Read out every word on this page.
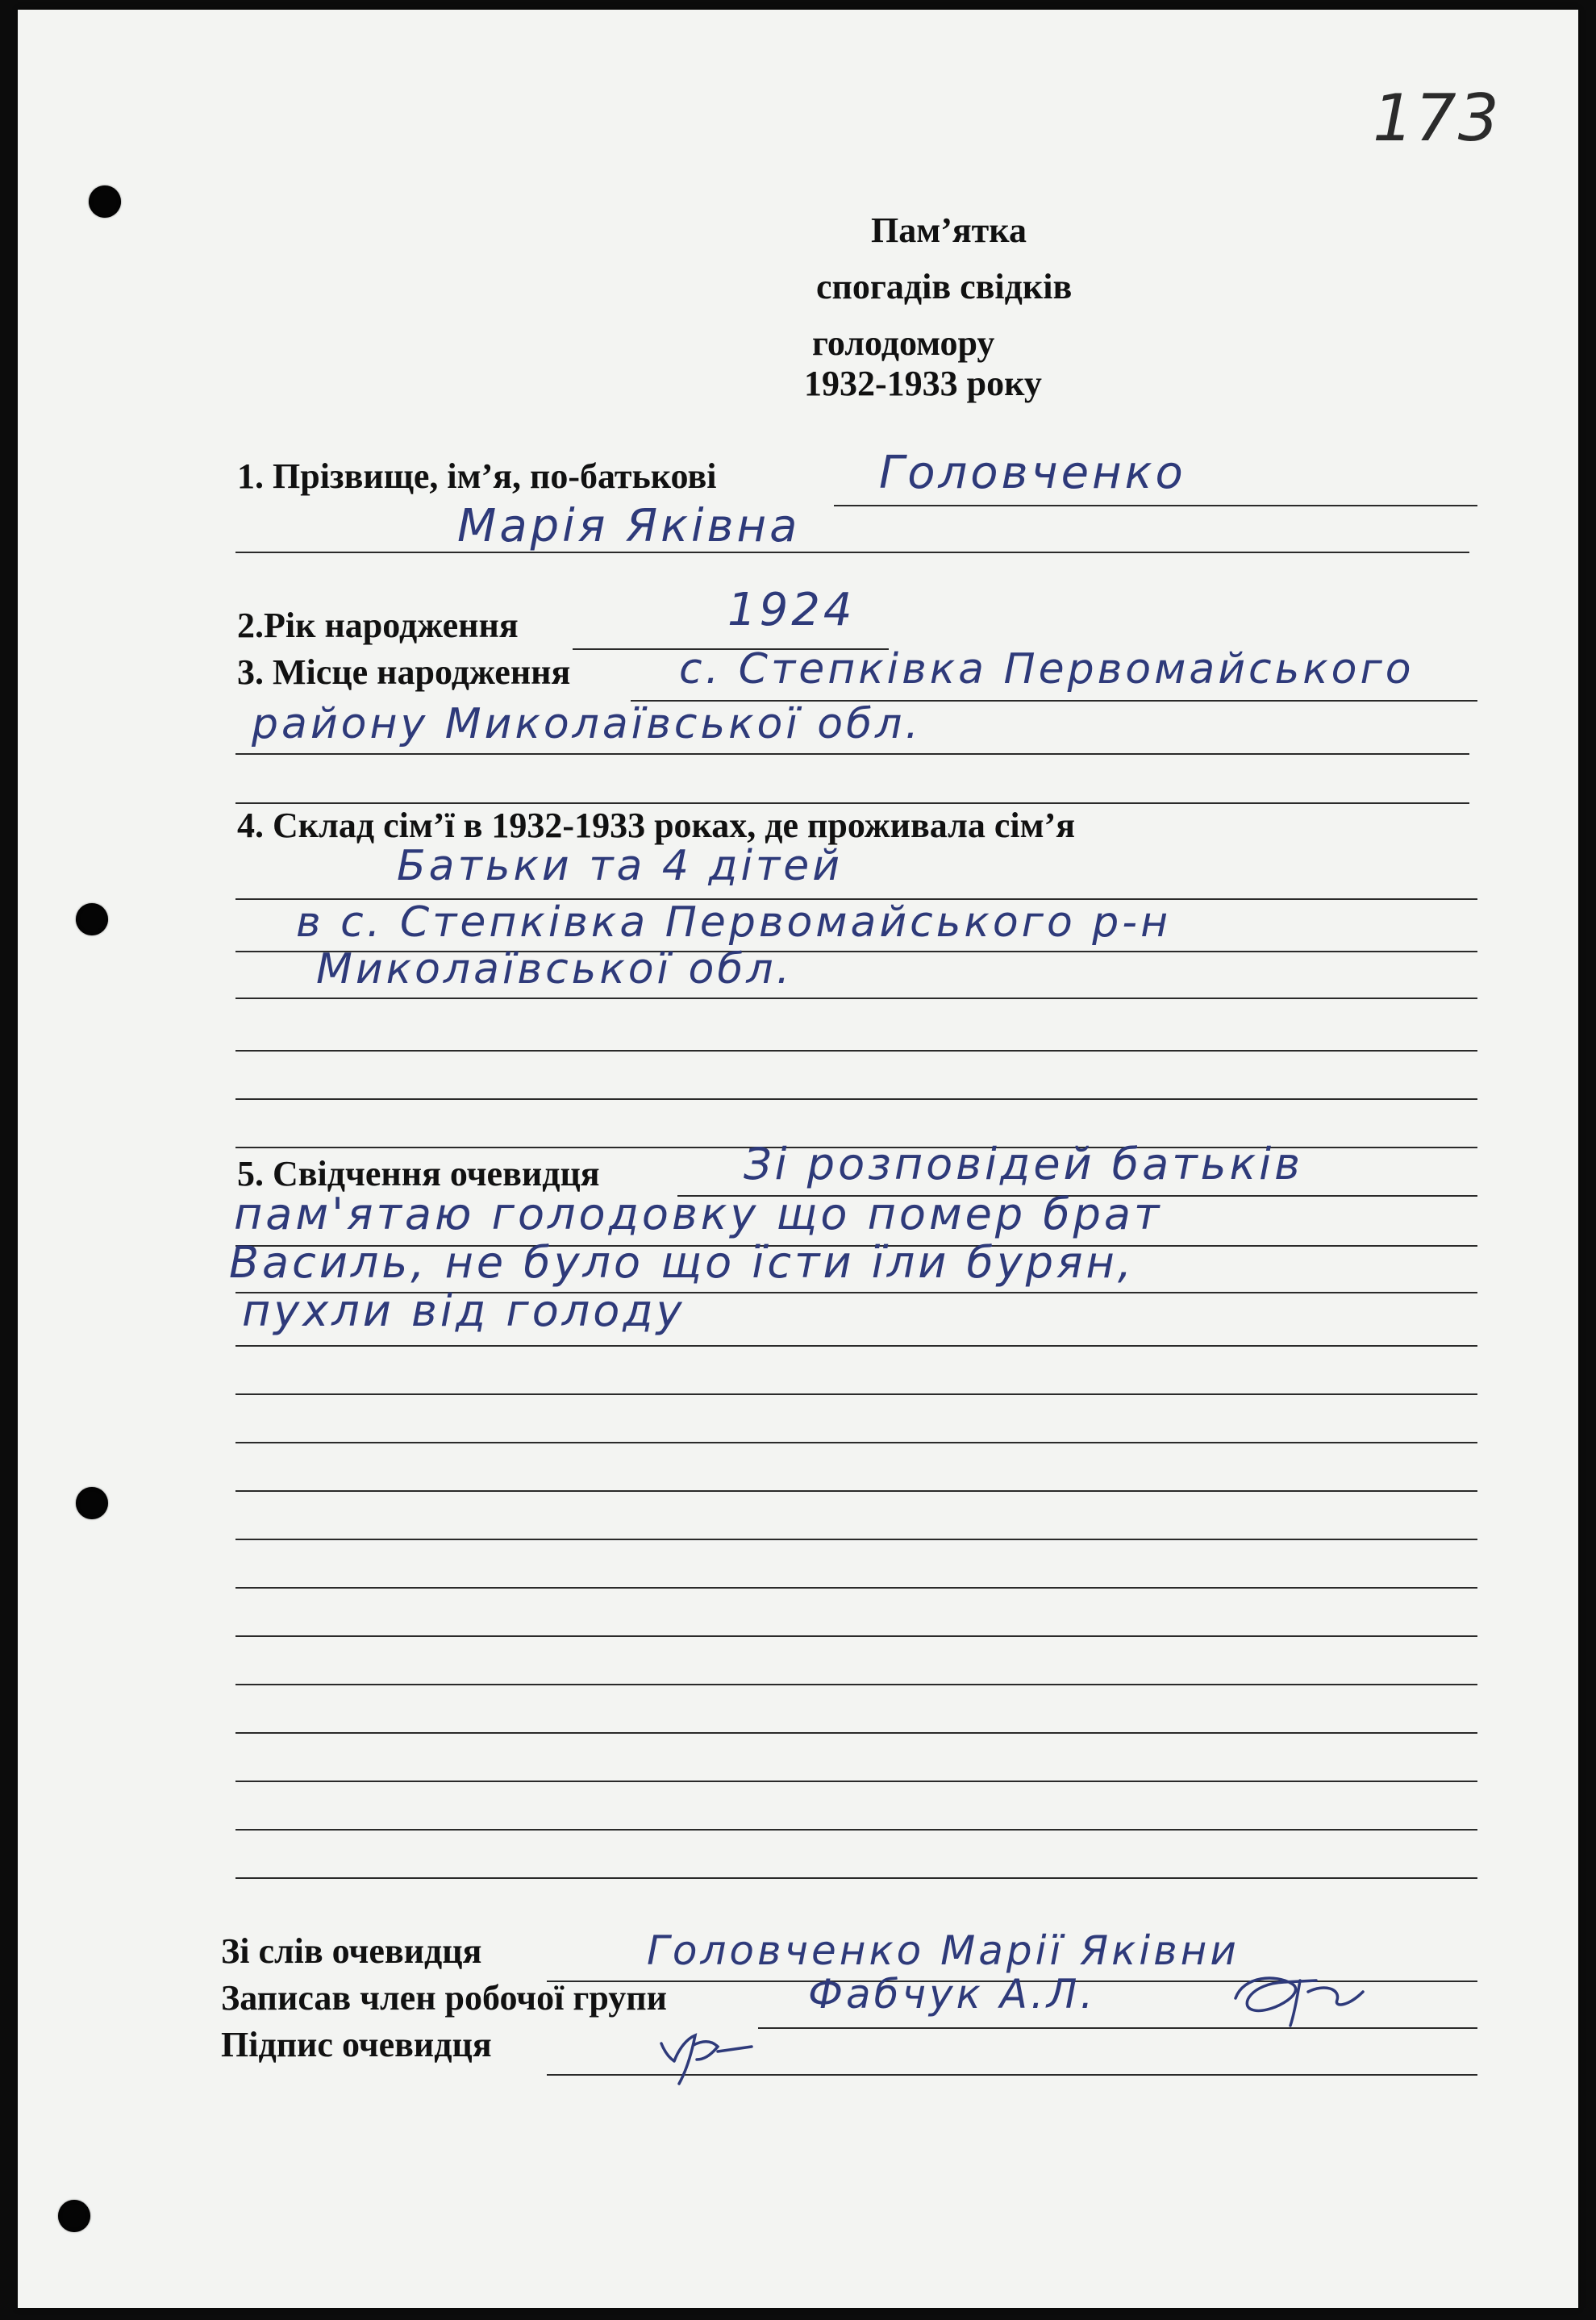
173
Пам’ятка
спогадів свідків
голодомору
1932-1933 року
1. Прізвище, ім’я, по-батькові	Головченко
Марія Яківна
2.Рік народження	1924
3. Місце народження	с. Степківка Первомайського
району Миколаївської обл.
4. Склад сім’ї в 1932-1933 роках, де проживала сім’я
Батьки та 4 дітей
в с. Степківка Первомайського р-н
Миколаївської обл.
5. Свідчення очевидця	Зі розповідей батьків
пам'ятаю голодовку що помер брат
Василь, не було що їсти їли бурян,
пухли від голоду
Зі слів очевидця	Головченко Марії Яківни
Записав член робочої групи	Фабчук А.Л.
Підпис очевидця
